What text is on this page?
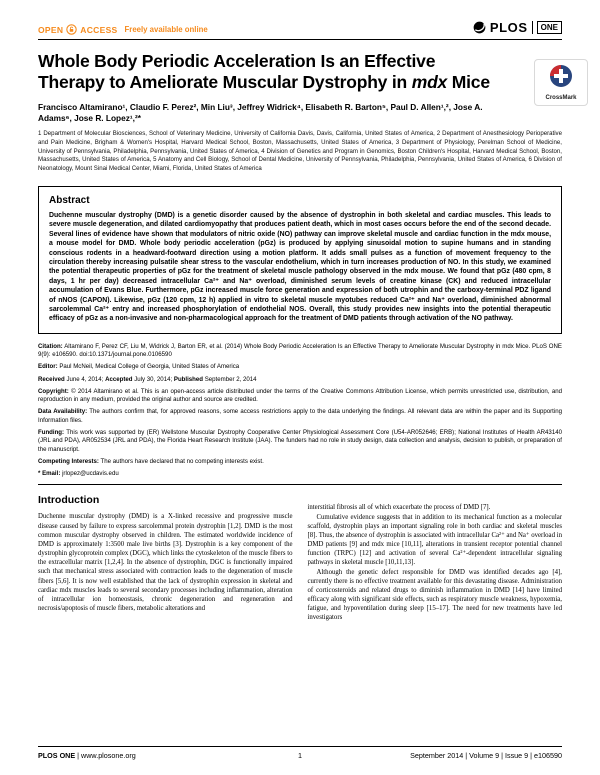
OPEN ACCESS Freely available online	PLOS	ONE
Whole Body Periodic Acceleration Is an Effective Therapy to Ameliorate Muscular Dystrophy in mdx Mice
CrossMark

Francisco Altamirano¹, Claudio F. Perez², Min Liu³, Jeffrey Widrick⁴, Elisabeth R. Barton⁵, Paul D. Allen¹,², Jose A. Adams⁶, Jose R. Lopez¹,²*

1 Department of Molecular Biosciences, School of Veterinary Medicine, University of California Davis, Davis, California, United States of America, 2 Department of Anesthesiology Perioperative and Pain Medicine, Brigham & Women's Hospital, Harvard Medical School, Boston, Massachusetts, United States of America, 3 Department of Physiology, Perelman School of Medicine, University of Pennsylvania, Philadelphia, Pennsylvania, United States of America, 4 Division of Genetics and Program in Genomics, Boston Children's Hospital, Harvard Medical School, Boston, Massachusetts, United States of America, 5 Anatomy and Cell Biology, School of Dental Medicine, University of Pennsylvania, Philadelphia, Pennsylvania, United States of America, 6 Division of Neonatology, Mount Sinai Medical Center, Miami, Florida, United States of America

Abstract

Duchenne muscular dystrophy (DMD) is a genetic disorder caused by the absence of dystrophin in both skeletal and cardiac muscles. This leads to severe muscle degeneration, and dilated cardiomyopathy that produces patient death, which in most cases occurs before the end of the second decade. Several lines of evidence have shown that modulators of nitric oxide (NO) pathway can improve skeletal muscle and cardiac function in the mdx mouse, a mouse model for DMD. Whole body periodic acceleration (pGz) is produced by applying sinusoidal motion to supine humans and in standing conscious rodents in a headward-footward direction using a motion platform. It adds small pulses as a function of movement frequency to the circulation thereby increasing pulsatile shear stress to the vascular endothelium, which in turn increases production of NO. In this study, we examined the potential therapeutic properties of pGz for the treatment of skeletal muscle pathology observed in the mdx mouse. We found that pGz (480 cpm, 8 days, 1 hr per day) decreased intracellular Ca²⁺ and Na⁺ overload, diminished serum levels of creatine kinase (CK) and reduced intracellular accumulation of Evans Blue. Furthermore, pGz increased muscle force generation and expression of both utrophin and the carboxy-terminal PDZ ligand of nNOS (CAPON). Likewise, pGz (120 cpm, 12 h) applied in vitro to skeletal muscle myotubes reduced Ca²⁺ and Na⁺ overload, diminished abnormal sarcolemmal Ca²⁺ entry and increased phosphorylation of endothelial NOS. Overall, this study provides new insights into the potential therapeutic efficacy of pGz as a non-invasive and non-pharmacological approach for the treatment of DMD patients through activation of the NO pathway.

Citation: Altamirano F, Perez CF, Liu M, Widrick J, Barton ER, et al. (2014) Whole Body Periodic Acceleration Is an Effective Therapy to Ameliorate Muscular Dystrophy in mdx Mice. PLoS ONE 9(9): e106590. doi:10.1371/journal.pone.0106590

Editor: Paul McNeil, Medical College of Georgia, United States of America

Received June 4, 2014; Accepted July 30, 2014; Published September 2, 2014

Copyright: © 2014 Altamirano et al. This is an open-access article distributed under the terms of the Creative Commons Attribution License, which permits unrestricted use, distribution, and reproduction in any medium, provided the original author and source are credited.

Data Availability: The authors confirm that, for approved reasons, some access restrictions apply to the data underlying the findings. All relevant data are within the paper and its Supporting Information files.

Funding: This work was supported by (ER) Wellstone Muscular Dystrophy Cooperative Center Physiological Assessment Core (U54-AR052646; ERB); National Institutes of Health AR43140 (JRL and PDA), AR052534 (JRL and PDA), the Florida Heart Research Institute (JAA). The funders had no role in study design, data collection and analysis, decision to publish, or preparation of the manuscript.

Competing Interests: The authors have declared that no competing interests exist.

* Email: jrlopez@ucdavis.edu

Introduction

Duchenne muscular dystrophy (DMD) is a X-linked recessive and progressive muscle disease caused by failure to express sarcolemmal protein dystrophin [1,2]. DMD is the most common muscular dystrophy observed in children. The estimated worldwide incidence of DMD is approximately 1:3500 male live births [3]. Dystrophin is a key component of the dystrophin glycoprotein complex (DGC), which links the cytoskeleton of the muscle fibers to the extracellular matrix [1,2,4]. In the absence of dystrophin, DGC is functionally impaired such that mechanical stress associated with contraction leads to the degeneration of muscle fibers [5,6]. It is now well established that the lack of dystrophin expression in skeletal and cardiac mdx muscles leads to several secondary processes including inflammation, alteration of intracellular ion homeostasis, chronic degeneration and regeneration and necrosis/apoptosis of muscle fibers, metabolic alterations and

interstitial fibrosis all of which exacerbate the process of DMD [7].

Cumulative evidence suggests that in addition to its mechanical function as a molecular scaffold, dystrophin plays an important signaling role in both cardiac and skeletal muscles [8]. Thus, the absence of dystrophin is associated with intracellular Ca²⁺ and Na⁺ overload in DMD patients [9] and mdx mice [10,11], alterations in transient receptor potential channel function (TRPC) [12] and activation of several Ca²⁺-dependent intracellular signaling pathways in skeletal muscle [10,11,13].

Although the genetic defect responsible for DMD was identified decades ago [4], currently there is no effective treatment available for this devastating disease. Administration of corticosteroids and related drugs to diminish inflammation in DMD [14] have limited efficacy along with significant side effects, such as respiratory muscle weakness, hypoxemia, fatigue, and hypoventilation during sleep [15–17]. The need for new treatments have led investigators

PLOS ONE | www.plosone.org	1	September 2014 | Volume 9 | Issue 9 | e106590
